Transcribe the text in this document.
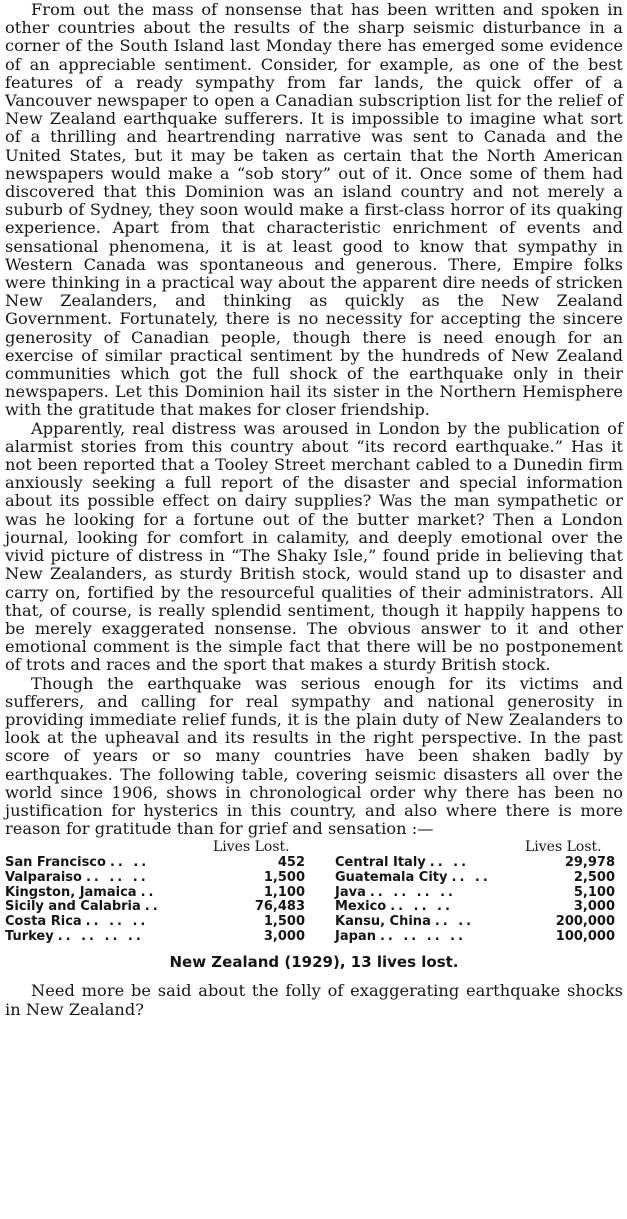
From out the mass of nonsense that has been written and spoken in other countries about the results of the sharp seismic disturbance in a corner of the South Island last Monday there has emerged some evidence of an appreciable sentiment. Consider, for example, as one of the best features of a ready sympathy from far lands, the quick offer of a Vancouver newspaper to open a Canadian subscription list for the relief of New Zealand earthquake sufferers. It is impossible to imagine what sort of a thrilling and heartrending narrative was sent to Canada and the United States, but it may be taken as certain that the North American newspapers would make a “sob story” out of it. Once some of them had discovered that this Dominion was an island country and not merely a suburb of Sydney, they soon would make a first-class horror of its quaking experience. Apart from that characteristic enrichment of events and sensational phenomena, it is at least good to know that sympathy in Western Canada was spontaneous and generous. There, Empire folks were thinking in a practical way about the apparent dire needs of stricken New Zealanders, and thinking as quickly as the New Zealand Government. Fortunately, there is no necessity for accepting the sincere generosity of Canadian people, though there is need enough for an exercise of similar practical sentiment by the hundreds of New Zealand communities which got the full shock of the earthquake only in their newspapers. Let this Dominion hail its sister in the Northern Hemisphere with the gratitude that makes for closer friendship.

Apparently, real distress was aroused in London by the publication of alarmist stories from this country about “its record earthquake.” Has it not been reported that a Tooley Street merchant cabled to a Dunedin firm anxiously seeking a full report of the disaster and special information about its possible effect on dairy supplies? Was the man sympathetic or was he looking for a fortune out of the butter market? Then a London journal, looking for comfort in calamity, and deeply emotional over the vivid picture of distress in “The Shaky Isle,” found pride in believing that New Zealanders, as sturdy British stock, would stand up to disaster and carry on, fortified by the resourceful qualities of their administrators. All that, of course, is really splendid sentiment, though it happily happens to be merely exaggerated nonsense. The obvious answer to it and other emotional comment is the simple fact that there will be no postponement of trots and races and the sport that makes a sturdy British stock.

Though the earthquake was serious enough for its victims and sufferers, and calling for real sympathy and national generosity in providing immediate relief funds, it is the plain duty of New Zealanders to look at the upheaval and its results in the right perspective. In the past score of years or so many countries have been shaken badly by earthquakes. The following table, covering seismic disasters all over the world since 1906, shows in chronological order why there has been no justification for hysterics in this country, and also where there is more reason for gratitude than for grief and sensation :—

Lives Lost.	Lives Lost.
San Francisco .. ..	452
Valparaiso .. .. ..	1,500
Kingston, Jamaica ..	1,100
Sicily and Calabria ..	76,483
Costa Rica .. .. ..	1,500
Turkey .. .. .. ..	3,000
Central Italy .. ..	29,978
Guatemala City .. ..	2,500
Java .. .. .. ..	5,100
Mexico .. .. ..	3,000
Kansu, China .. ..	200,000
Japan .. .. .. ..	100,000
New Zealand (1929), 13 lives lost.

Need more be said about the folly of exaggerating earthquake shocks in New Zealand?
